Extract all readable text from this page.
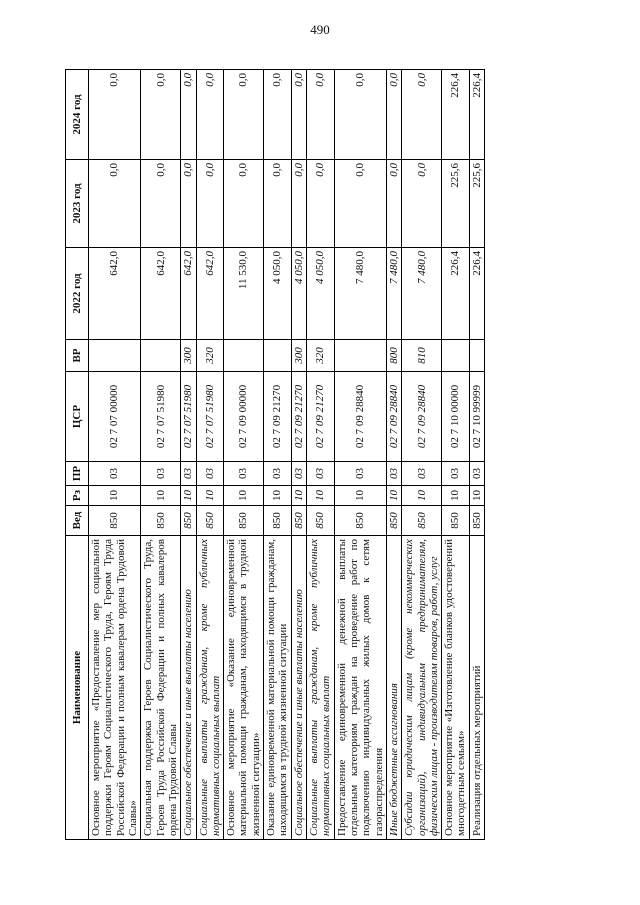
490
Наименование	Вед	Рз	ПР	ЦСР	ВР	2022 год	2023 год	2024 год
Основное мероприятие «Предоставление мер социальной поддержки Героям Социалистического Труда, Героям Труда Российской Федерации и полным кавалерам ордена Трудовой Славы»	850	10	03	02 7 07 00000		642,0	0,0	0,0
Социальная поддержка Героев Социалистического Труда, Героев Труда Российской Федерации и полных кавалеров ордена Трудовой Славы	850	10	03	02 7 07 51980		642,0	0,0	0,0
Социальное обеспечение и иные выплаты населению	850	10	03	02 7 07 51980	300	642,0	0,0	0,0
Социальные выплаты гражданам, кроме публичных нормативных социальных выплат	850	10	03	02 7 07 51980	320	642,0	0,0	0,0
Основное мероприятие «Оказание единовременной материальной помощи гражданам, находящимся в трудной жизненной ситуации»	850	10	03	02 7 09 00000		11 530,0	0,0	0,0
Оказание единовременной материальной помощи гражданам, находящимся в трудной жизненной ситуации	850	10	03	02 7 09 21270		4 050,0	0,0	0,0
Социальное обеспечение и иные выплаты населению	850	10	03	02 7 09 21270	300	4 050,0	0,0	0,0
Социальные выплаты гражданам, кроме публичных нормативных социальных выплат	850	10	03	02 7 09 21270	320	4 050,0	0,0	0,0
Предоставление единовременной денежной выплаты отдельным категориям граждан на проведение работ по подключению индивидуальных жилых домов к сетям газораспределения	850	10	03	02 7 09 28840		7 480,0	0,0	0,0
Иные бюджетные ассигнования	850	10	03	02 7 09 28840	800	7 480,0	0,0	0,0
Субсидии юридическим лицам (кроме некоммерческих организаций), индивидуальным предпринимателям, физическим лицам - производителям товаров, работ, услуг	850	10	03	02 7 09 28840	810	7 480,0	0,0	0,0
Основное мероприятие «Изготовление бланков удостоверений многодетным семьям»	850	10	03	02 7 10 00000		226,4	225,6	226,4
Реализация отдельных мероприятий	850	10	03	02 7 10 99999		226,4	225,6	226,4
